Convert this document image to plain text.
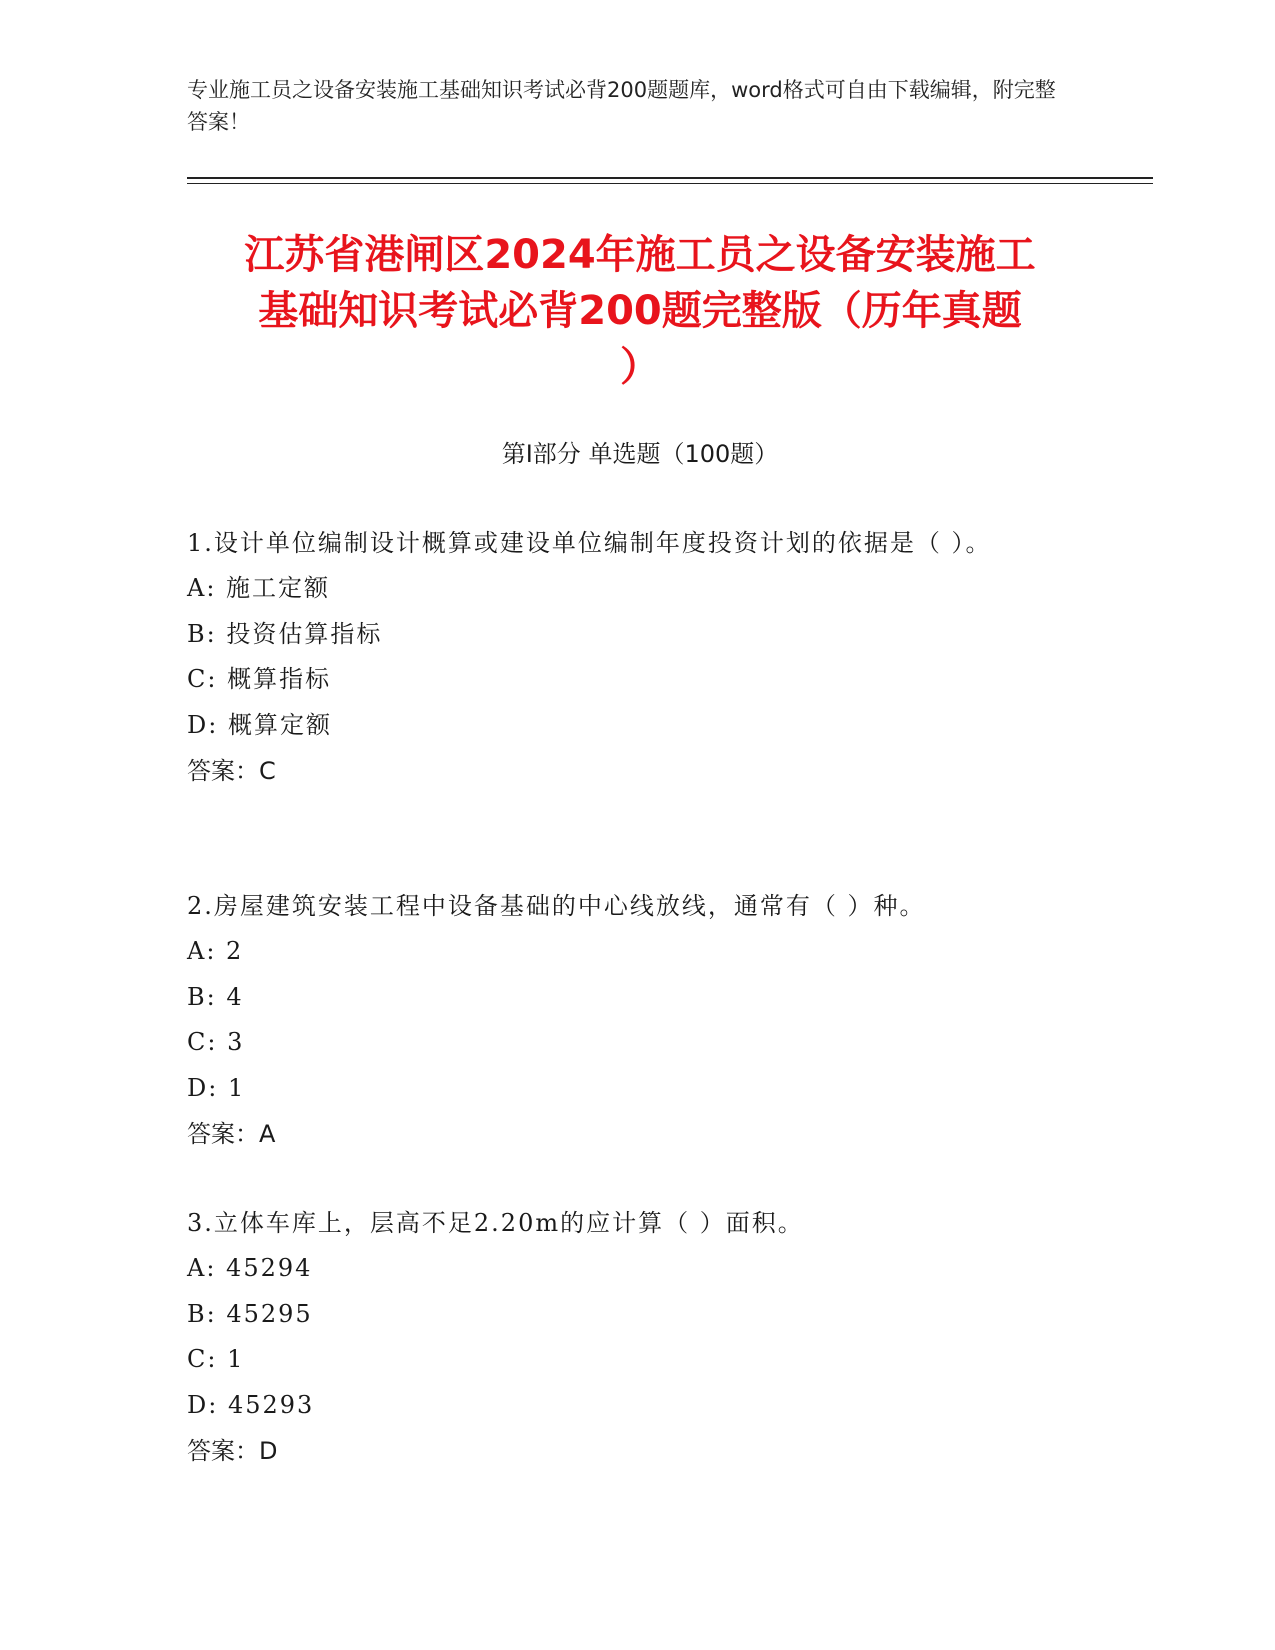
专业施工员之设备安装施工基础知识考试必背200题题库，word格式可自由下载编辑，附完整答案！
江苏省港闸区2024年施工员之设备安装施工
基础知识考试必背200题完整版（历年真题
）
第Ⅰ部分 单选题（100题）

1.设计单位编制设计概算或建设单位编制年度投资计划的依据是（ ）。

A: 施工定额

B: 投资估算指标

C: 概算指标

D: 概算定额

答案：C

2.房屋建筑安装工程中设备基础的中心线放线，通常有（ ）种。

A: 2

B: 4

C: 3

D: 1

答案：A

3.立体车库上，层高不足2.20m的应计算（ ）面积。

A: 45294

B: 45295

C: 1

D: 45293

答案：D
